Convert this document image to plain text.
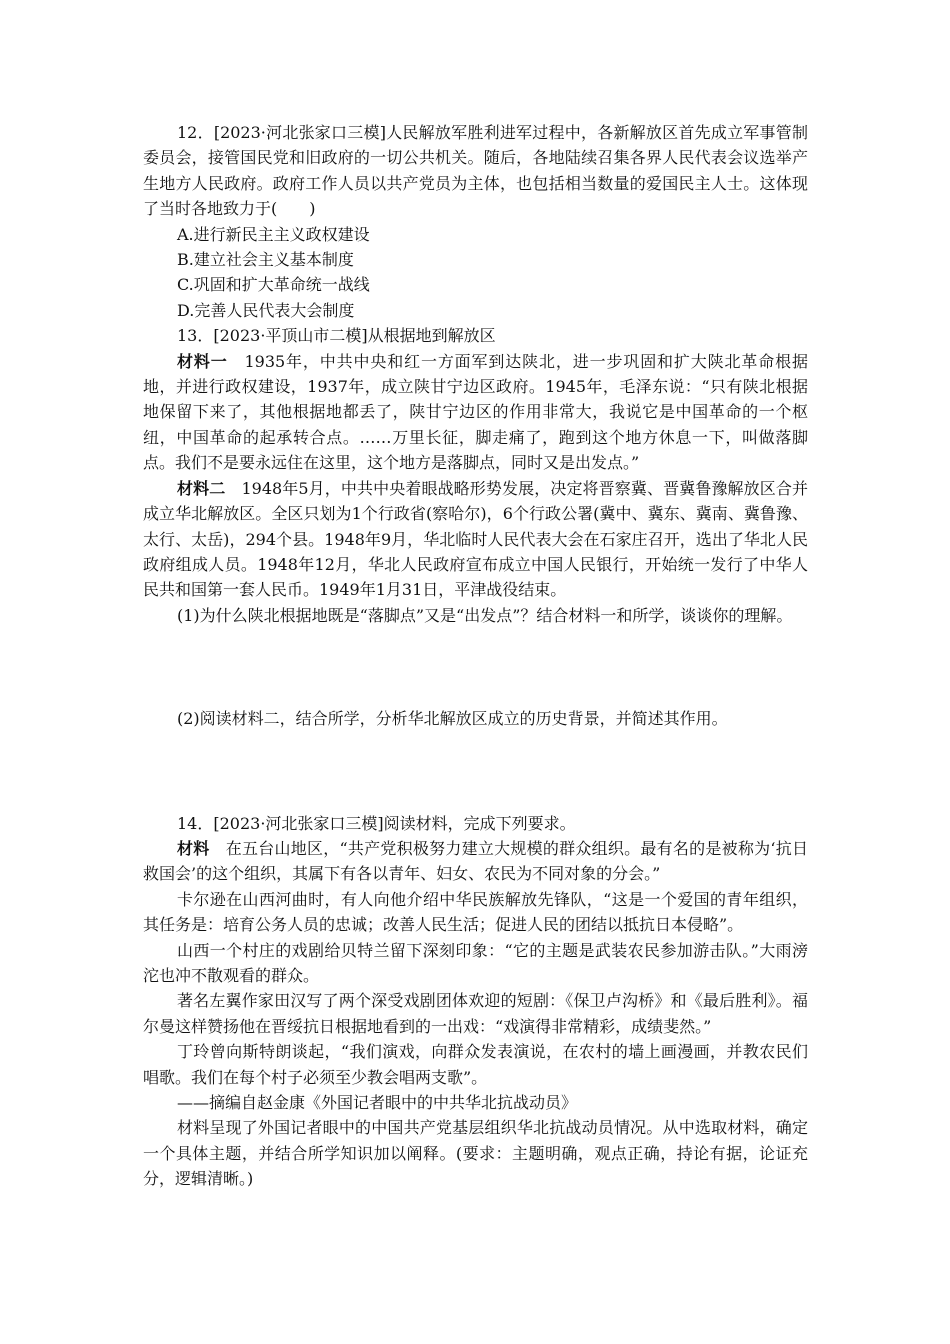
12．[2023·河北张家口三模]人民解放军胜利进军过程中，各新解放区首先成立军事管制委员会，接管国民党和旧政府的一切公共机关。随后，各地陆续召集各界人民代表会议选举产生地方人民政府。政府工作人员以共产党员为主体，也包括相当数量的爱国民主人士。这体现了当时各地致力于(　　)

A.进行新民主主义政权建设

B.建立社会主义基本制度

C.巩固和扩大革命统一战线

D.完善人民代表大会制度

13．[2023·平顶山市二模]从根据地到解放区

材料一　1935年，中共中央和红一方面军到达陕北，进一步巩固和扩大陕北革命根据地，并进行政权建设，1937年，成立陕甘宁边区政府。1945年，毛泽东说：“只有陕北根据地保留下来了，其他根据地都丢了，陕甘宁边区的作用非常大，我说它是中国革命的一个枢纽，中国革命的起承转合点。……万里长征，脚走痛了，跑到这个地方休息一下，叫做落脚点。我们不是要永远住在这里，这个地方是落脚点，同时又是出发点。”

材料二　1948年5月，中共中央着眼战略形势发展，决定将晋察冀、晋冀鲁豫解放区合并成立华北解放区。全区只划为1个行政省(察哈尔)，6个行政公署(冀中、冀东、冀南、冀鲁豫、太行、太岳)，294个县。1948年9月，华北临时人民代表大会在石家庄召开，选出了华北人民政府组成人员。1948年12月，华北人民政府宣布成立中国人民银行，开始统一发行了中华人民共和国第一套人民币。1949年1月31日，平津战役结束。

(1)为什么陕北根据地既是“落脚点”又是“出发点”？结合材料一和所学，谈谈你的理解。

(2)阅读材料二，结合所学，分析华北解放区成立的历史背景，并简述其作用。

14．[2023·河北张家口三模]阅读材料，完成下列要求。

材料　在五台山地区，“共产党积极努力建立大规模的群众组织。最有名的是被称为‘抗日救国会’的这个组织，其属下有各以青年、妇女、农民为不同对象的分会。”

卡尔逊在山西河曲时，有人向他介绍中华民族解放先锋队，“这是一个爱国的青年组织，其任务是：培育公务人员的忠诚；改善人民生活；促进人民的团结以抵抗日本侵略”。

山西一个村庄的戏剧给贝特兰留下深刻印象：“它的主题是武装农民参加游击队。”大雨滂沱也冲不散观看的群众。

著名左翼作家田汉写了两个深受戏剧团体欢迎的短剧：《保卫卢沟桥》和《最后胜利》。福尔曼这样赞扬他在晋绥抗日根据地看到的一出戏：“戏演得非常精彩，成绩斐然。”

丁玲曾向斯特朗谈起，“我们演戏，向群众发表演说，在农村的墙上画漫画，并教农民们唱歌。我们在每个村子必须至少教会唱两支歌”。

——摘编自赵金康《外国记者眼中的中共华北抗战动员》

材料呈现了外国记者眼中的中国共产党基层组织华北抗战动员情况。从中选取材料，确定一个具体主题，并结合所学知识加以阐释。(要求：主题明确，观点正确，持论有据，论证充分，逻辑清晰。)
